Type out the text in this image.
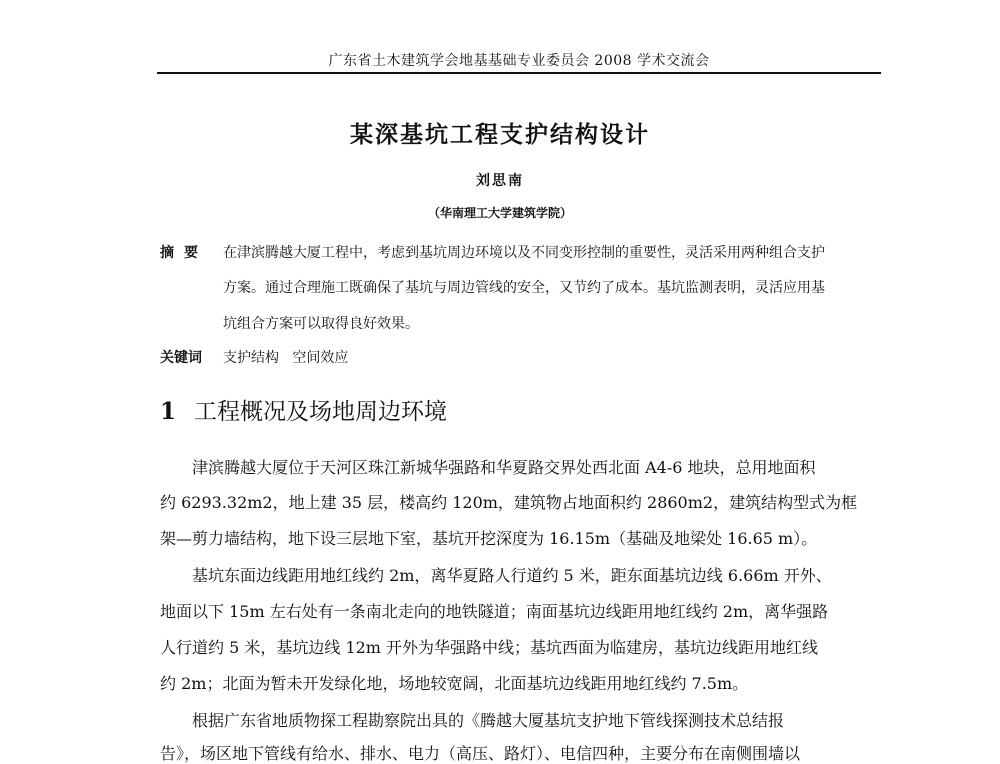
广东省土木建筑学会地基基础专业委员会 2008 学术交流会
某深基坑工程支护结构设计
刘思南
（华南理工大学建筑学院）
摘要 在津滨腾越大厦工程中，考虑到基坑周边环境以及不同变形控制的重要性，灵活采用两种组合支护
方案。通过合理施工既确保了基坑与周边管线的安全，又节约了成本。基坑监测表明，灵活应用基
坑组合方案可以取得良好效果。
关键词 支护结构   空间效应
1 工程概况及场地周边环境
　　津滨腾越大厦位于天河区珠江新城华强路和华夏路交界处西北面 A4-6 地块，总用地面积
约 6293.32m2，地上建 35 层，楼高约 120m，建筑物占地面积约 2860m2，建筑结构型式为框
架—剪力墙结构，地下设三层地下室，基坑开挖深度为 16.15m（基础及地梁处 16.65 m）。
　　基坑东面边线距用地红线约 2m，离华夏路人行道约 5 米，距东面基坑边线 6.66m 开外、
地面以下 15m 左右处有一条南北走向的地铁隧道；南面基坑边线距用地红线约 2m，离华强路
人行道约 5 米，基坑边线 12m 开外为华强路中线；基坑西面为临建房，基坑边线距用地红线
约 2m；北面为暂未开发绿化地，场地较宽阔，北面基坑边线距用地红线约 7.5m。
　　根据广东省地质物探工程勘察院出具的《腾越大厦基坑支护地下管线探测技术总结报
告》，场区地下管线有给水、排水、电力（高压、路灯）、电信四种，主要分布在南侧围墙以
